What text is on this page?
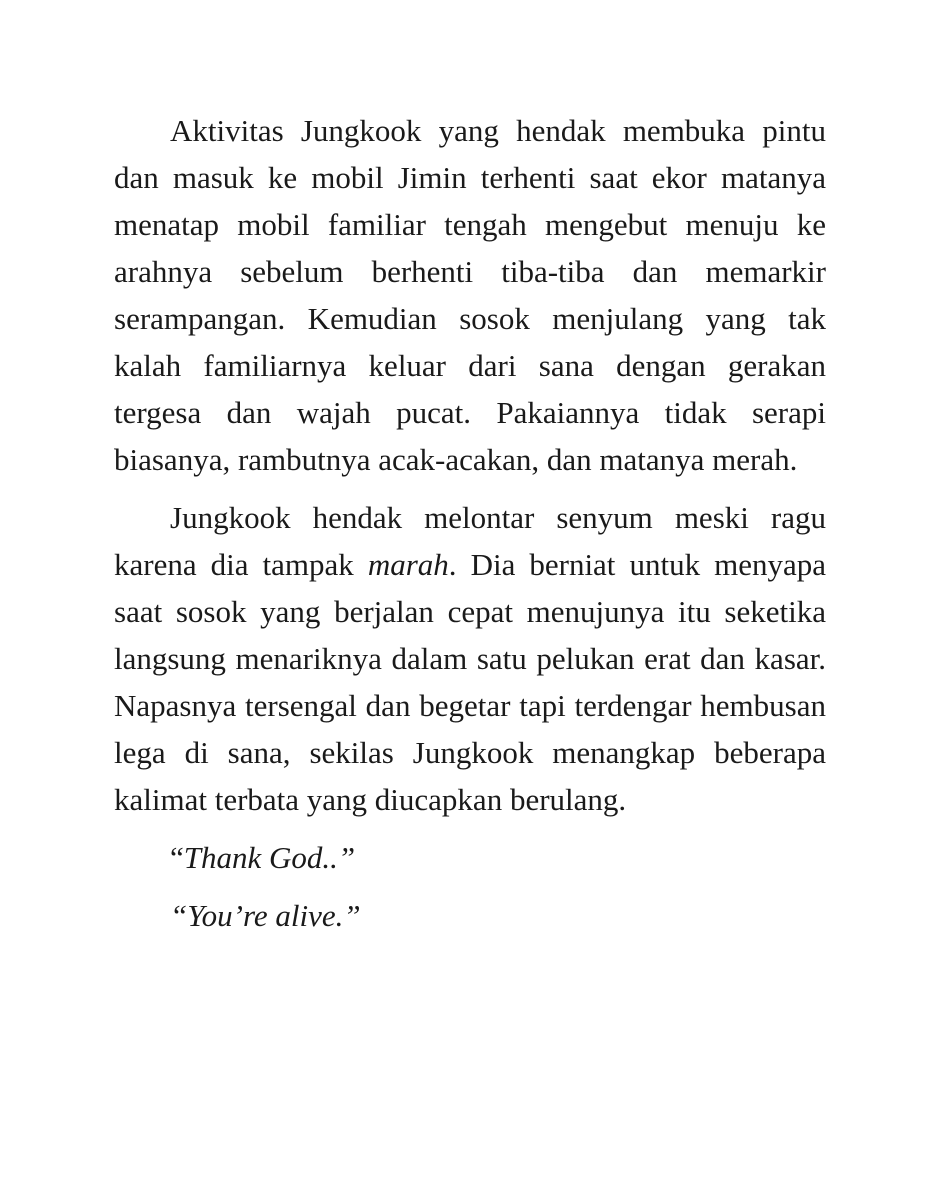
Aktivitas Jungkook yang hendak membuka pintu dan masuk ke mobil Jimin terhenti saat ekor matanya menatap mobil familiar tengah mengebut menuju ke arahnya sebelum berhenti tiba-tiba dan memarkir serampangan. Kemudian sosok menjulang yang tak kalah familiarnya keluar dari sana dengan gerakan tergesa dan wajah pucat. Pakaiannya tidak serapi biasanya, rambutnya acak-acakan, dan matanya merah.

Jungkook hendak melontar senyum meski ragu karena dia tampak marah. Dia berniat untuk menyapa saat sosok yang berjalan cepat menujunya itu seketika langsung menariknya dalam satu pelukan erat dan kasar. Napasnya tersengal dan begetar tapi terdengar hembusan lega di sana, sekilas Jungkook menangkap beberapa kalimat terbata yang diucapkan berulang.

“Thank God..”

“You’re alive.”
